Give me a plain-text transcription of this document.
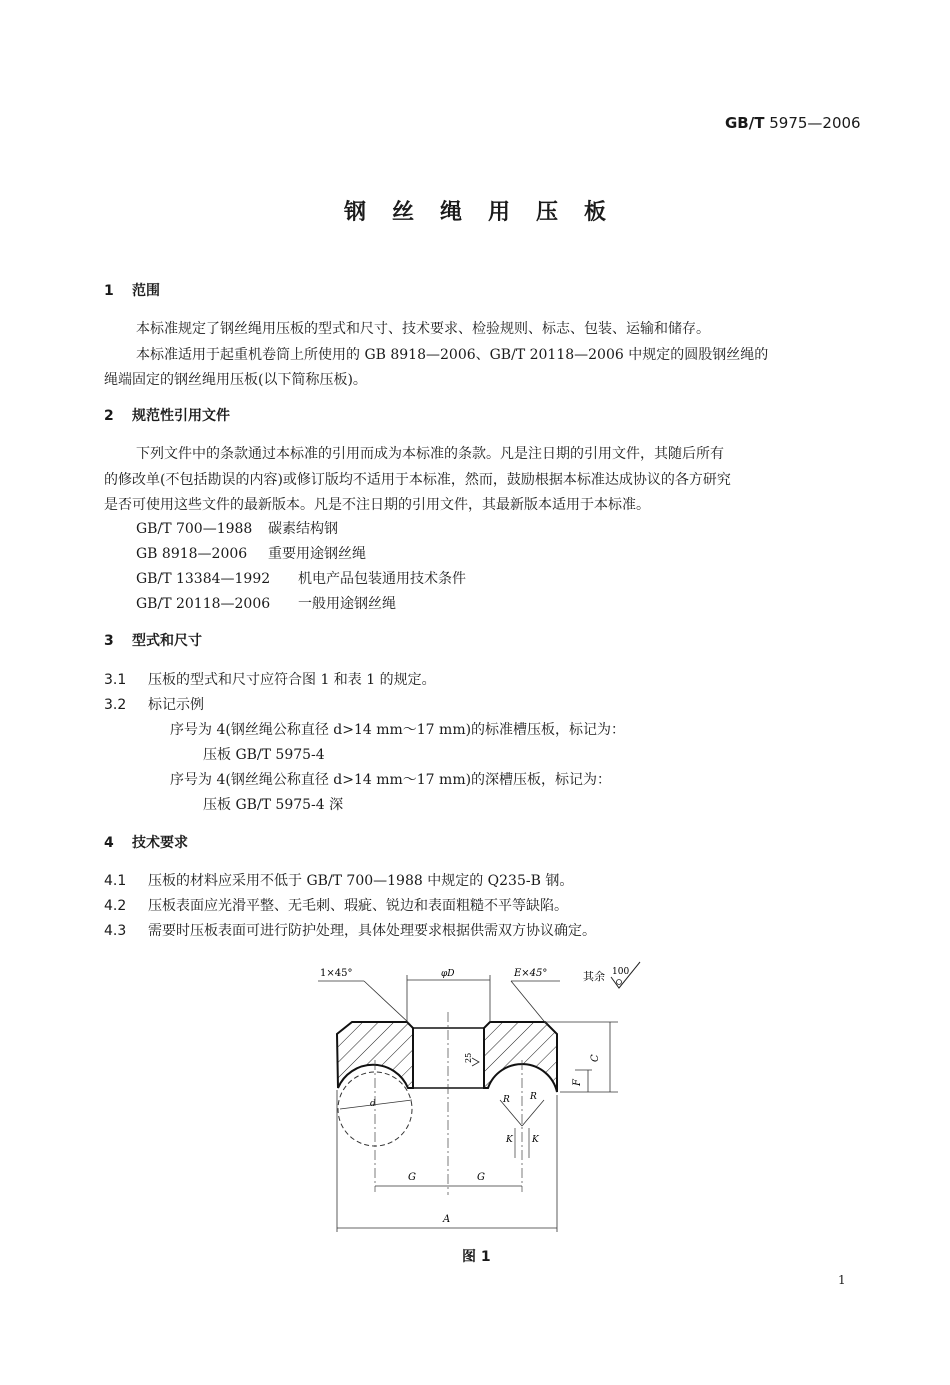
GB/T 5975—2006
钢丝绳用压板
1 范围
本标准规定了钢丝绳用压板的型式和尺寸、技术要求、检验规则、标志、包装、运输和储存。
本标准适用于起重机卷筒上所使用的 GB 8918—2006、GB/T 20118—2006 中规定的圆股钢丝绳的
绳端固定的钢丝绳用压板(以下简称压板)。
2 规范性引用文件
下列文件中的条款通过本标准的引用而成为本标准的条款。凡是注日期的引用文件，其随后所有
的修改单(不包括勘误的内容)或修订版均不适用于本标准，然而，鼓励根据本标准达成协议的各方研究
是否可使用这些文件的最新版本。凡是不注日期的引用文件，其最新版本适用于本标准。
GB/T 700—1988 碳素结构钢
GB 8918—2006 重要用途钢丝绳
GB/T 13384—1992 机电产品包装通用技术条件
GB/T 20118—2006 一般用途钢丝绳
3 型式和尺寸
3.1 压板的型式和尺寸应符合图 1 和表 1 的规定。
3.2 标记示例
序号为 4(钢丝绳公称直径 d>14 mm～17 mm)的标准槽压板，标记为：
压板 GB/T 5975-4
序号为 4(钢丝绳公称直径 d>14 mm～17 mm)的深槽压板，标记为：
压板 GB/T 5975-4 深
4 技术要求
4.1 压板的材料应采用不低于 GB/T 700—1988 中规定的 Q235-B 钢。
4.2 压板表面应光滑平整、无毛刺、瑕疵、锐边和表面粗糙不平等缺陷。
4.3 需要时压板表面可进行防护处理，具体处理要求根据供需双方协议确定。
d
φD
1×45°	E×45°	其余 100
25	C
F
R R
K K
G	G
A
图 1
1
